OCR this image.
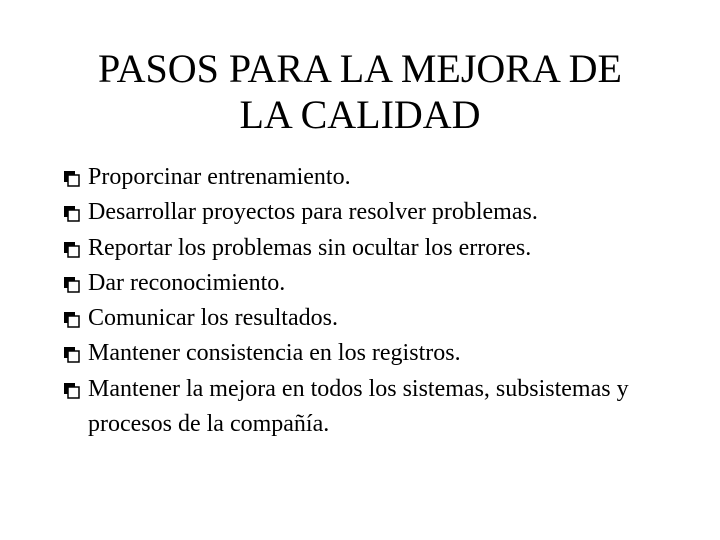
PASOS PARA LA MEJORA DE
LA CALIDAD
Proporcinar entrenamiento.
Desarrollar proyectos para resolver problemas.
Reportar los problemas sin ocultar los errores.
Dar reconocimiento.
Comunicar los resultados.
Mantener consistencia en los registros.
Mantener la mejora en todos los sistemas, subsistemas y procesos de la compañía.
